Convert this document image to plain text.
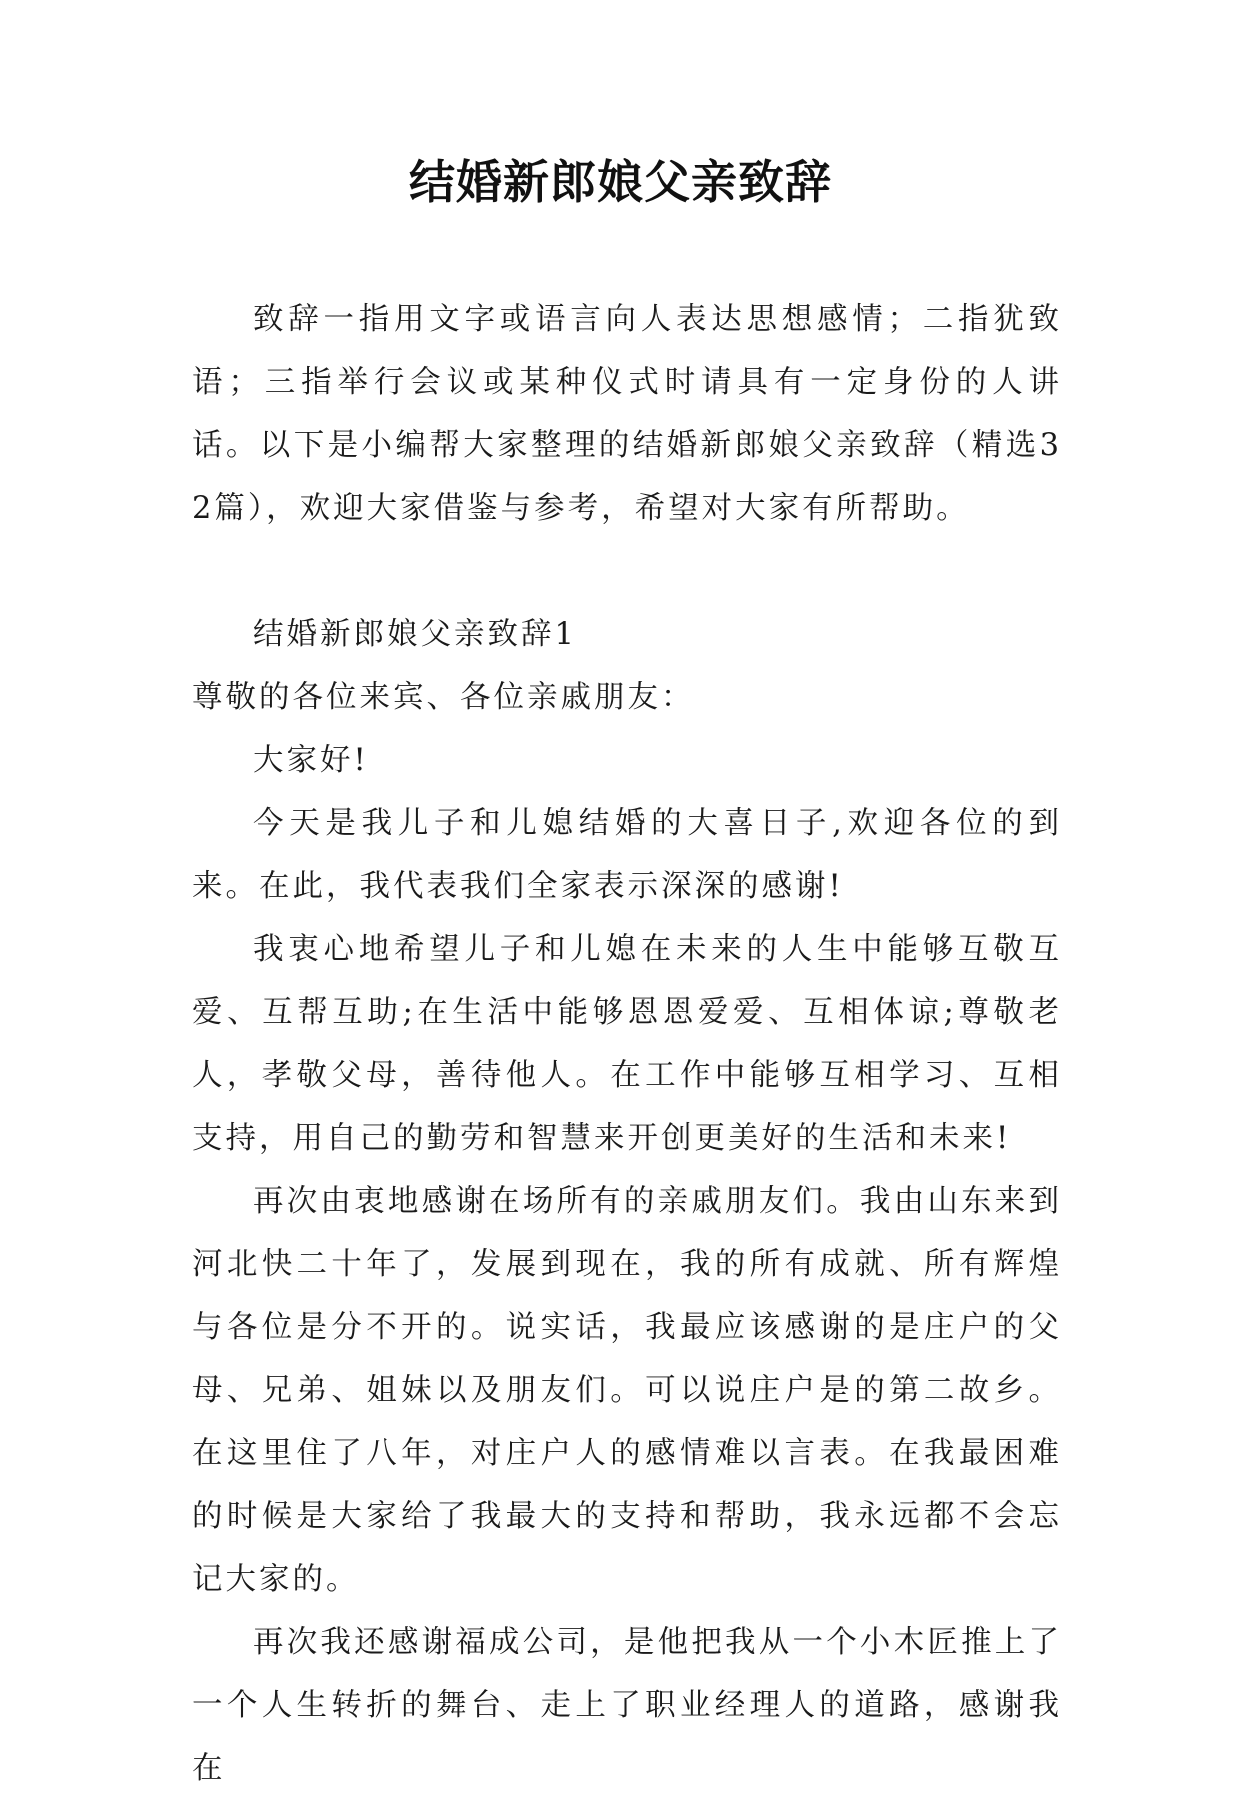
结婚新郎娘父亲致辞

致辞一指用文字或语言向人表达思想感情；二指犹致语；三指举行会议或某种仪式时请具有一定身份的人讲话。以下是小编帮大家整理的结婚新郎娘父亲致辞（精选32篇），欢迎大家借鉴与参考，希望对大家有所帮助。

结婚新郎娘父亲致辞1

尊敬的各位来宾、各位亲戚朋友：

大家好!

今天是我儿子和儿媳结婚的大喜日子,欢迎各位的到来。在此，我代表我们全家表示深深的感谢!

我衷心地希望儿子和儿媳在未来的人生中能够互敬互爱、互帮互助;在生活中能够恩恩爱爱、互相体谅;尊敬老人，孝敬父母，善待他人。在工作中能够互相学习、互相支持，用自己的勤劳和智慧来开创更美好的生活和未来!

再次由衷地感谢在场所有的亲戚朋友们。我由山东来到河北快二十年了，发展到现在，我的所有成就、所有辉煌与各位是分不开的。说实话，我最应该感谢的是庄户的父母、兄弟、姐妹以及朋友们。可以说庄户是的第二故乡。在这里住了八年，对庄户人的感情难以言表。在我最困难的时候是大家给了我最大的支持和帮助，我永远都不会忘记大家的。

再次我还感谢福成公司，是他把我从一个小木匠推上了一个人生转折的舞台、走上了职业经理人的道路，感谢我在
